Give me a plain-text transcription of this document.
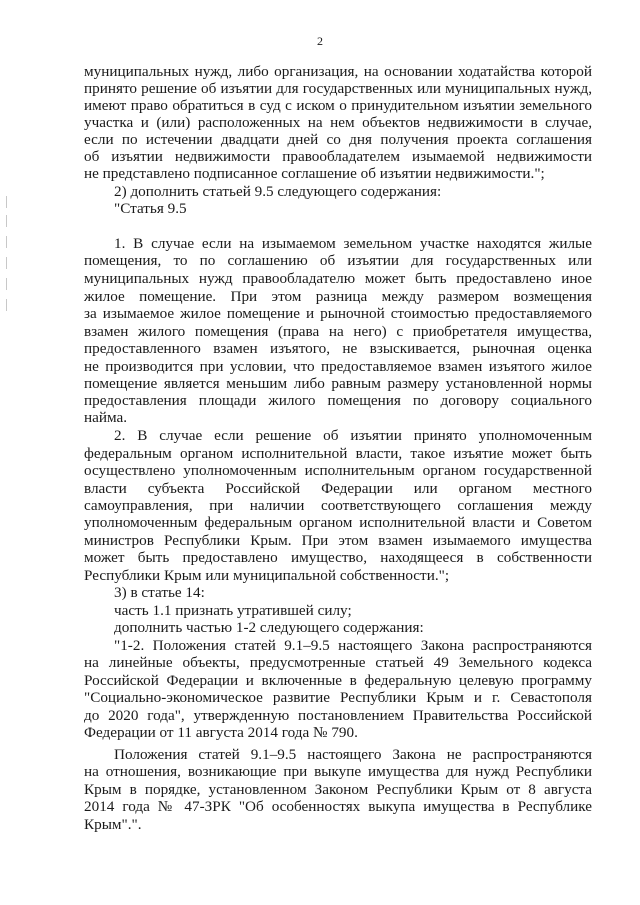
2
муниципальных нужд, либо организация, на основании ходатайства которой
принято решение об изъятии для государственных или муниципальных нужд,
имеют право обратиться в суд с иском о принудительном изъятии земельного
участка и (или) расположенных на нем объектов недвижимости в случае,
если по истечении двадцати дней со дня получения проекта соглашения
об изъятии недвижимости правообладателем изымаемой недвижимости
не представлено подписанное соглашение об изъятии недвижимости.";
2) дополнить статьей 9.5 следующего содержания:
"Статья 9.5
1. В случае если на изымаемом земельном участке находятся жилые
помещения, то по соглашению об изъятии для государственных или
муниципальных нужд правообладателю может быть предоставлено иное
жилое помещение. При этом разница между размером возмещения
за изымаемое жилое помещение и рыночной стоимостью предоставляемого
взамен жилого помещения (права на него) с приобретателя имущества,
предоставленного взамен изъятого, не взыскивается, рыночная оценка
не производится при условии, что предоставляемое взамен изъятого жилое
помещение является меньшим либо равным размеру установленной нормы
предоставления площади жилого помещения по договору социального
найма.
2. В случае если решение об изъятии принято уполномоченным
федеральным органом исполнительной власти, такое изъятие может быть
осуществлено уполномоченным исполнительным органом государственной
власти субъекта Российской Федерации или органом местного
самоуправления, при наличии соответствующего соглашения между
уполномоченным федеральным органом исполнительной власти и Советом
министров Республики Крым. При этом взамен изымаемого имущества
может быть предоставлено имущество, находящееся в собственности
Республики Крым или муниципальной собственности.";
3) в статье 14:
часть 1.1 признать утратившей силу;
дополнить частью 1-2 следующего содержания:
"1-2. Положения статей 9.1–9.5 настоящего Закона распространяются
на линейные объекты, предусмотренные статьей 49 Земельного кодекса
Российской Федерации и включенные в федеральную целевую программу
"Социально-экономическое развитие Республики Крым и г. Севастополя
до 2020 года", утвержденную постановлением Правительства Российской
Федерации от 11 августа 2014 года № 790.
Положения статей 9.1–9.5 настоящего Закона не распространяются
на отношения, возникающие при выкупе имущества для нужд Республики
Крым в порядке, установленном Законом Республики Крым от 8 августа
2014 года № 47-ЗРК "Об особенностях выкупа имущества в Республике
Крым".".
